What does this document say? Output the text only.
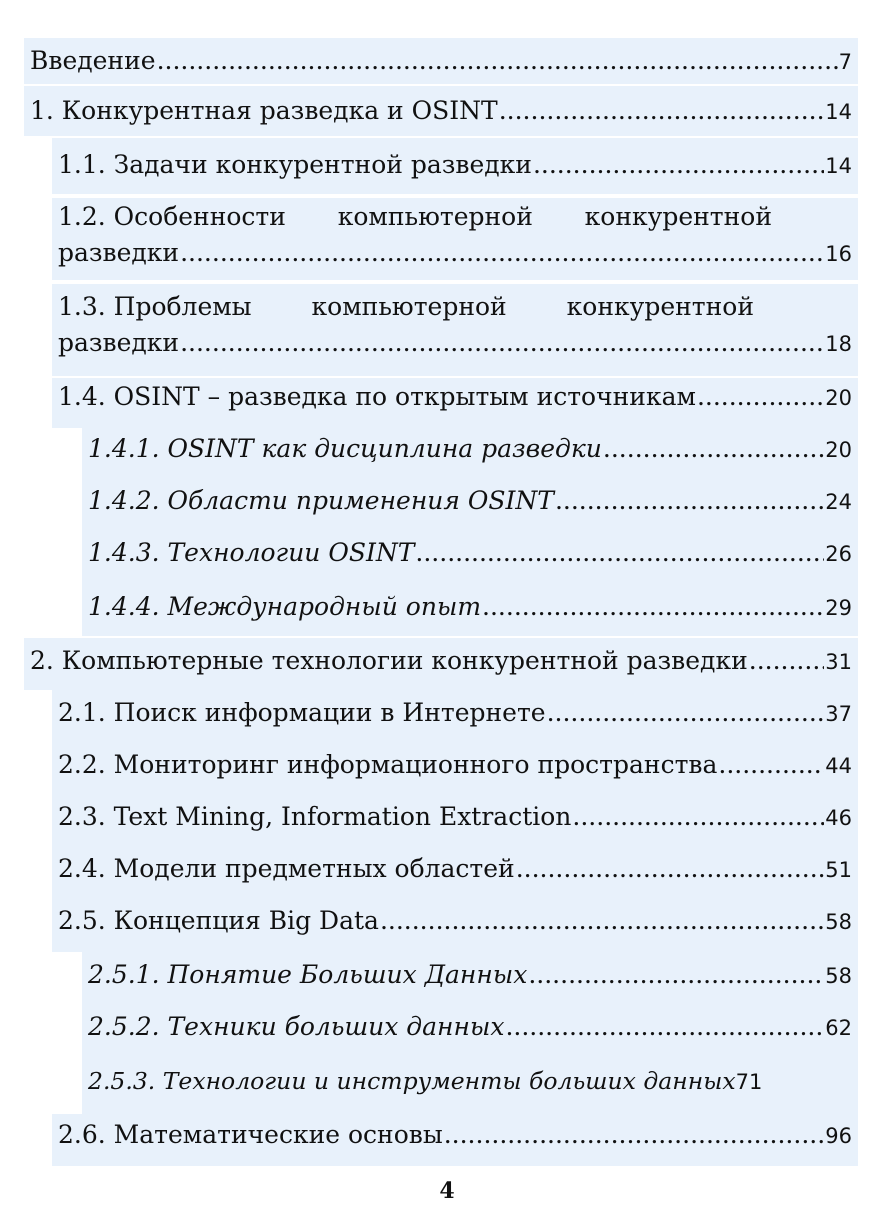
Введение .....	7
1. Конкурентная разведка и OSINT .....	14
1.1. Задачи конкурентной разведки .....	14
1.2. Особенности компьютерной конкурентной
разведки .....	16
1.3. Проблемы компьютерной конкурентной
разведки .....	18
1.4. OSINT – разведка по открытым источникам .....	20
1.4.1. OSINT как дисциплина разведки .....	20
1.4.2. Области применения OSINT .....	24
1.4.3. Технологии OSINT .....	26
1.4.4. Международный опыт .....	29
2. Компьютерные технологии конкурентной разведки .....	31
2.1. Поиск информации в Интернете .....	37
2.2. Мониторинг информационного пространства .....	44
2.3. Text Mining, Information Extraction .....	46
2.4. Модели предметных областей .....	51
2.5. Концепция Big Data .....	58
2.5.1. Понятие Больших Данных .....	58
2.5.2. Техники больших данных .....	62
2.5.3. Технологии и инструменты больших данных 71
2.6. Математические основы .....	96
4
